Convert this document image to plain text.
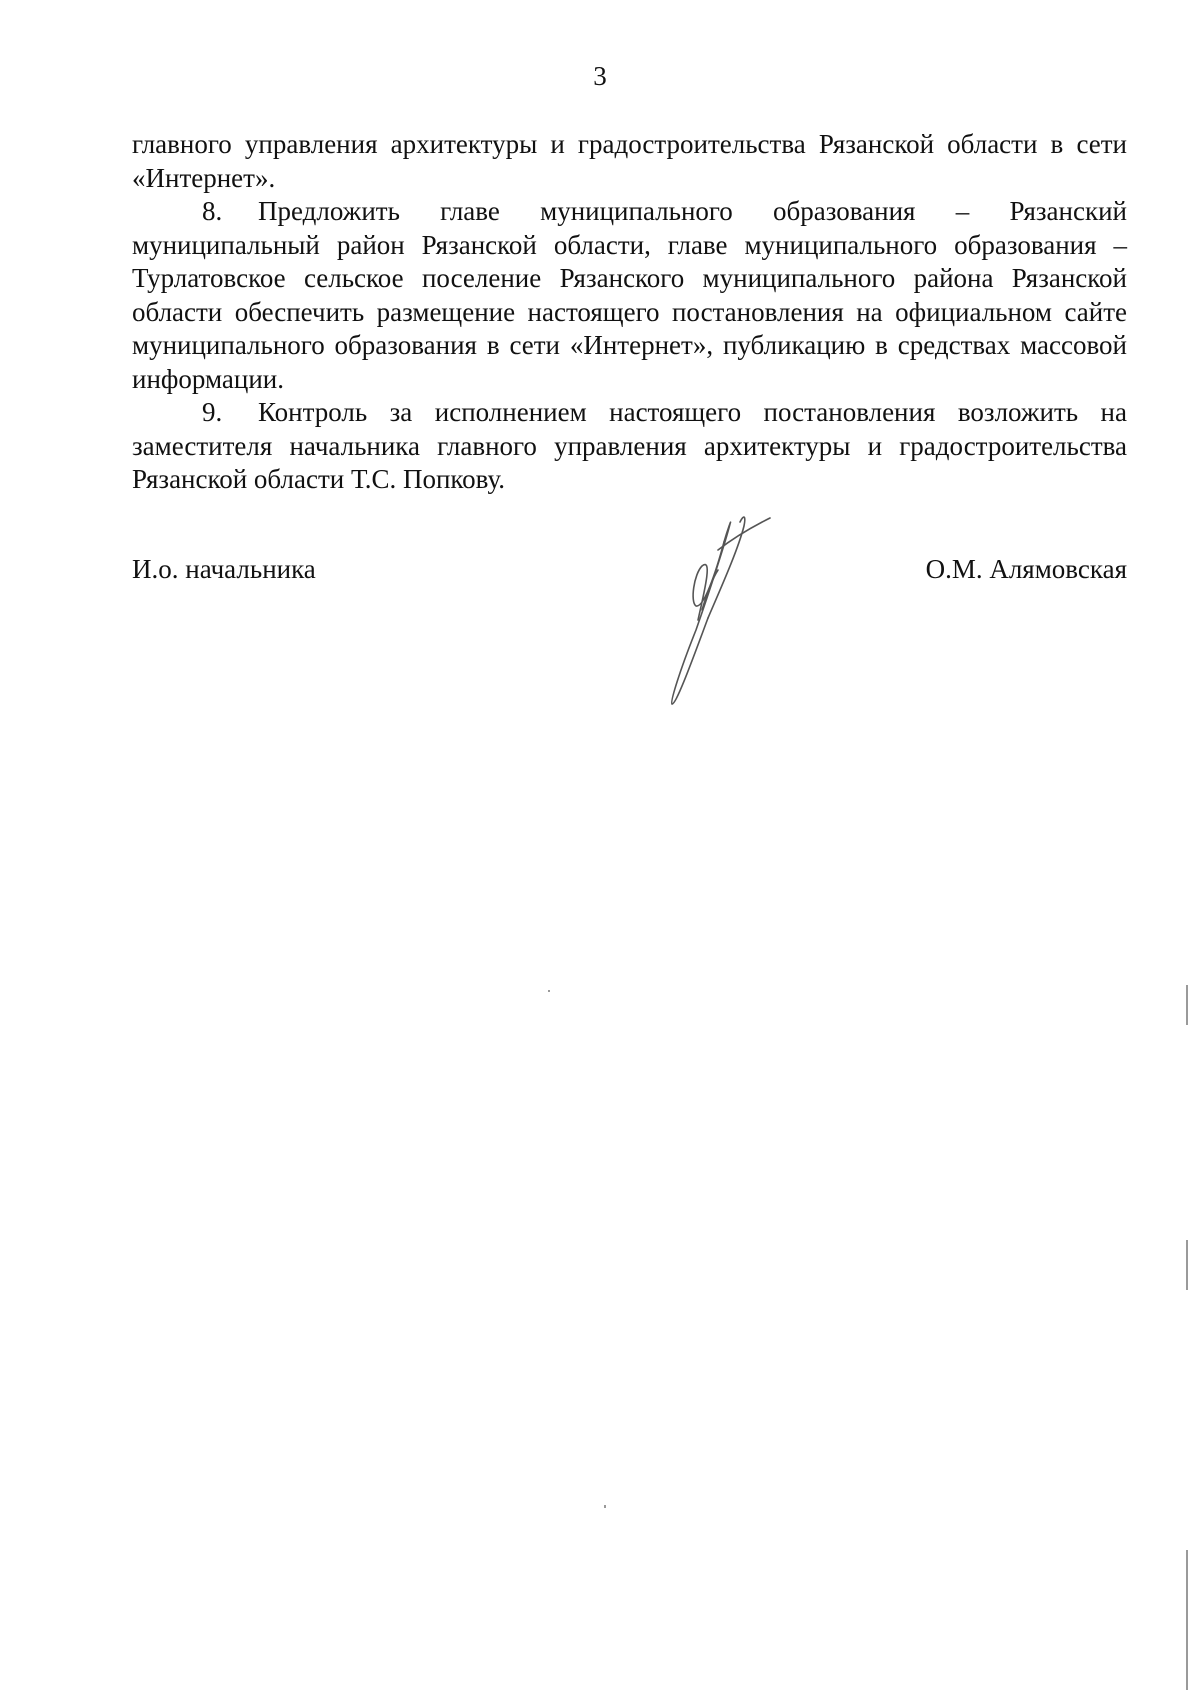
3

главного управления архитектуры и градостроительства Рязанской области в сети «Интернет».

8. Предложить главе муниципального образования – Рязанский муниципальный район Рязанской области, главе муниципального образования – Турлатовское сельское поселение Рязанского муниципального района Рязанской области обеспечить размещение настоящего постановления на официальном сайте муниципального образования в сети «Интернет», публикацию в средствах массовой информации.

9. Контроль за исполнением настоящего постановления возложить на заместителя начальника главного управления архитектуры и градостроительства Рязанской области Т.С. Попкову.

И.о. начальника	О.М. Алямовская
